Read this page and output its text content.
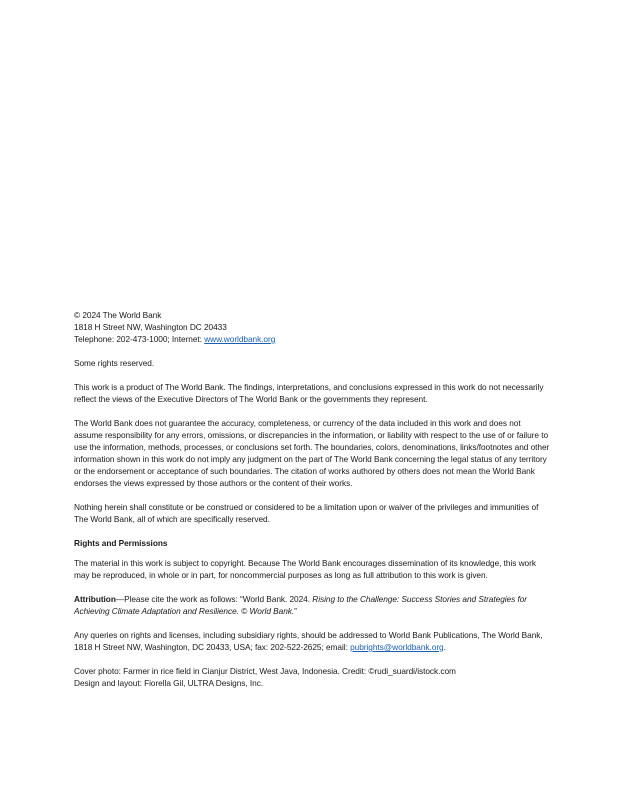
© 2024 The World Bank
1818 H Street NW, Washington DC 20433
Telephone: 202-473-1000; Internet: www.worldbank.org

Some rights reserved.

This work is a product of The World Bank. The findings, interpretations, and conclusions expressed in this work do not necessarily reflect the views of the Executive Directors of The World Bank or the governments they represent.

The World Bank does not guarantee the accuracy, completeness, or currency of the data included in this work and does not assume responsibility for any errors, omissions, or discrepancies in the information, or liability with respect to the use of or failure to use the information, methods, processes, or conclusions set forth. The boundaries, colors, denominations, links/footnotes and other information shown in this work do not imply any judgment on the part of The World Bank concerning the legal status of any territory or the endorsement or acceptance of such boundaries. The citation of works authored by others does not mean the World Bank endorses the views expressed by those authors or the content of their works.

Nothing herein shall constitute or be construed or considered to be a limitation upon or waiver of the privileges and immunities of The World Bank, all of which are specifically reserved.

Rights and Permissions

The material in this work is subject to copyright. Because The World Bank encourages dissemination of its knowledge, this work may be reproduced, in whole or in part, for noncommercial purposes as long as full attribution to this work is given.

Attribution—Please cite the work as follows: “World Bank. 2024. Rising to the Challenge: Success Stories and Strategies for Achieving Climate Adaptation and Resilience. © World Bank.”

Any queries on rights and licenses, including subsidiary rights, should be addressed to World Bank Publications, The World Bank, 1818 H Street NW, Washington, DC 20433, USA; fax: 202-522-2625; email: pubrights@worldbank.org.

Cover photo: Farmer in rice field in Cianjur District, West Java, Indonesia. Credit: ©rudi_suardi/istock.com
Design and layout: Fiorella Gil, ULTRA Designs, Inc.
